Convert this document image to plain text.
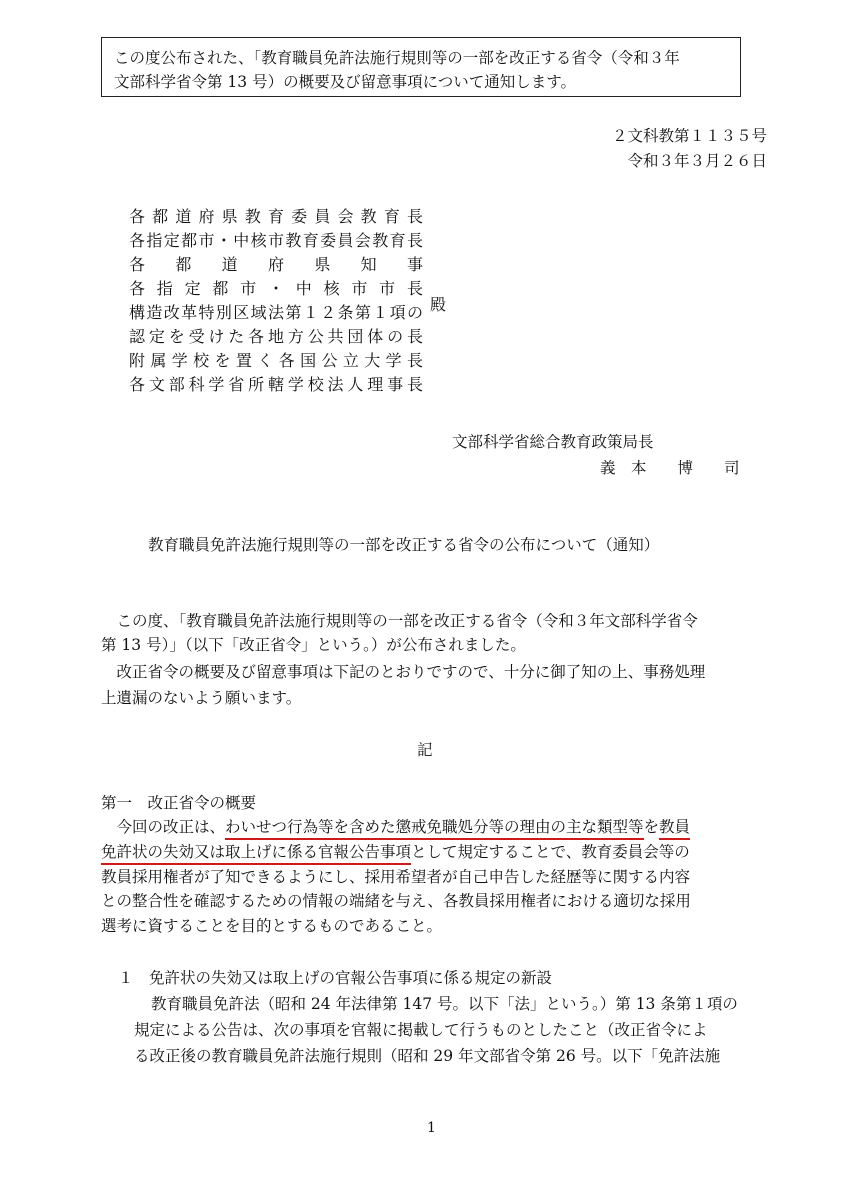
この度公布された、「教育職員免許法施行規則等の一部を改正する省令（令和３年
文部科学省令第 13 号）の概要及び留意事項について通知します。
２文科教第１１３５号
令和３年３月２６日
各都道府県教育委員会教育長
各指定都市・中核市教育委員会教育長
各都道府県知事
各指定都市・中核市市長
構造改革特別区域法第１２条第１項の
認定を受けた各地方公共団体の長
附属学校を置く各国公立大学長
各文部科学省所轄学校法人理事長
殿
文部科学省総合教育政策局長
義　本　　博　　司
教育職員免許法施行規則等の一部を改正する省令の公布について（通知）
　この度、「教育職員免許法施行規則等の一部を改正する省令（令和３年文部科学省令
第 13 号）」（以下「改正省令」という。）が公布されました。
　改正省令の概要及び留意事項は下記のとおりですので、十分に御了知の上、事務処理
上遺漏のないよう願います。
記
第一　改正省令の概要
　今回の改正は、わいせつ行為等を含めた懲戒免職処分等の理由の主な類型等を教員
免許状の失効又は取上げに係る官報公告事項として規定することで、教育委員会等の
教員採用権者が了知できるようにし、採用希望者が自己申告した経歴等に関する内容
との整合性を確認するための情報の端緒を与え、各教員採用権者における適切な採用
選考に資することを目的とするものであること。
１　免許状の失効又は取上げの官報公告事項に係る規定の新設
教育職員免許法（昭和 24 年法律第 147 号。以下「法」という。）第 13 条第１項の
規定による公告は、次の事項を官報に掲載して行うものとしたこと（改正省令によ
る改正後の教育職員免許法施行規則（昭和 29 年文部省令第 26 号。以下「免許法施
1
